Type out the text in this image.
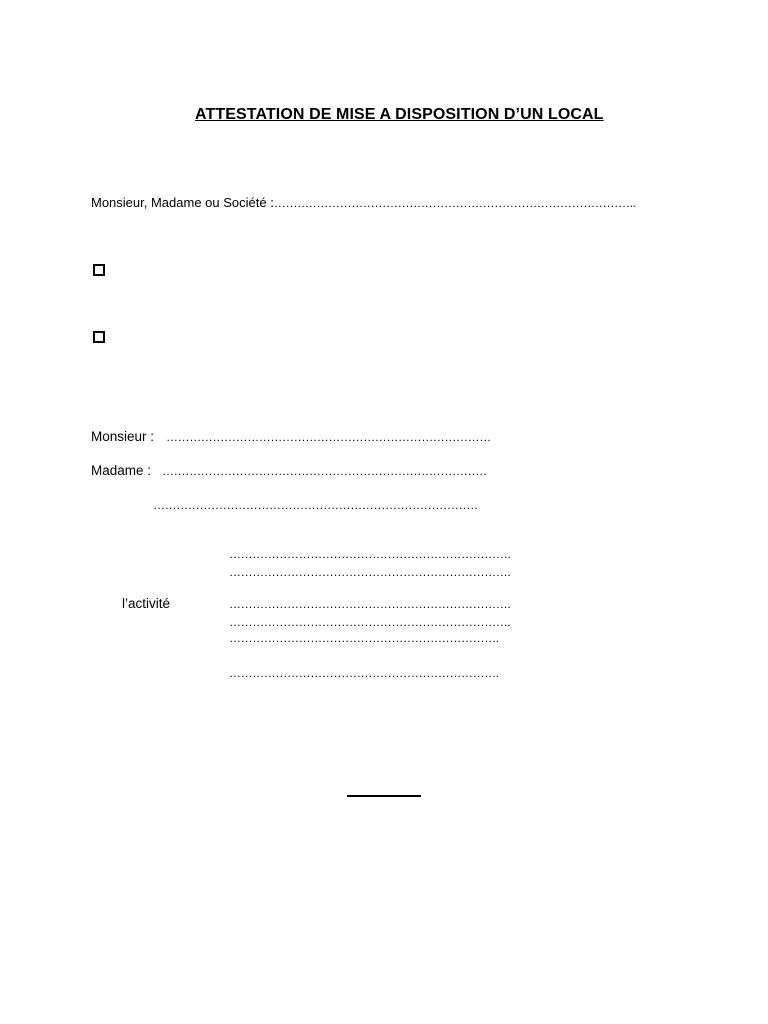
ATTESTATION DE MISE A DISPOSITION D’UN LOCAL
Monsieur, Madame ou Société :
…………………………………………………………………………………..
Monsieur : …………………………………………………………………………
Madame : …………………………………………………………………………
…………………………………………………………………………
……………………………………………………………….
……………………………………………………………….
l’activité	……………………………………………………………….
……………………………………………………………….
…………………………………………………………….
…………………………………………………………….
